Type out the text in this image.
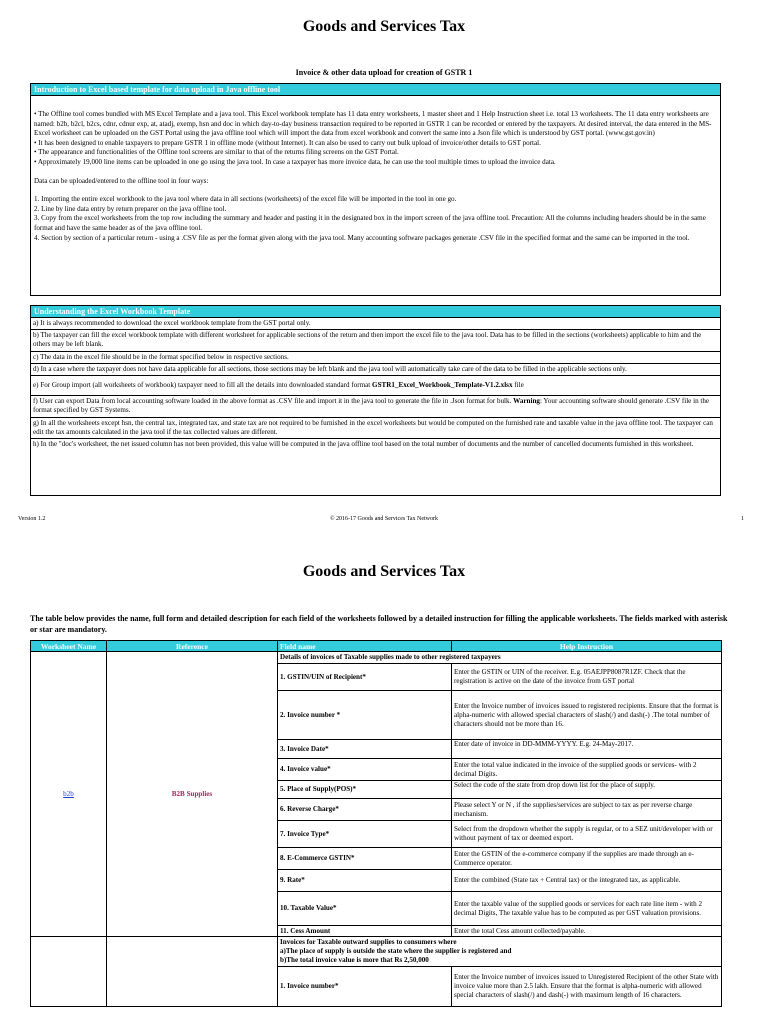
Goods and Services Tax
Invoice & other data upload for creation of GSTR 1
Introduction to Excel based template for data upload in Java offline tool

• The Offline tool comes bundled with MS Excel Template and a java tool. This Excel workbook template has 11 data entry worksheets, 1 master sheet and 1 Help Instruction sheet i.e. total 13 worksheets. The 11 data entry worksheets are named: b2b, b2cl, b2cs, cdnr, cdnur exp, at, atadj, exemp, hsn and doc in which day-to-day business transaction required to be reported in GSTR 1 can be recorded or entered by the taxpayers. At desired interval, the data entered in the MS-Excel worksheet can be uploaded on the GST Portal using the java offline tool which will import the data from excel workbook and convert the same into a Json file which is understood by GST portal. (www.gst.gov.in)

• It has been designed to enable taxpayers to prepare GSTR 1 in offline mode (without Internet). It can also be used to carry out bulk upload of invoice/other details to GST portal.

• The appearance and functionalities of the Offline tool screens are similar to that of the returns filing screens on the GST Portal.

• Approximately 19,000 line items can be uploaded in one go using the java tool. In case a taxpayer has more invoice data, he can use the tool multiple times to upload the invoice data.

Data can be uploaded/entered to the offline tool in four ways:

1. Importing the entire excel workbook to the java tool where data in all sections (worksheets) of the excel file will be imported in the tool in one go.

2. Line by line data entry by return preparer on the java offline tool.

3. Copy from the excel worksheets from the top row including the summary and header and pasting it in the designated box in the import screen of the java offline tool. Precaution: All the columns including headers should be in the same format and have the same header as of the java offline tool.

4. Section by section of a particular return - using a .CSV file as per the format given along with the java tool. Many accounting software packages generate .CSV file in the specified format and the same can be imported in the tool.

Understanding the Excel Workbook Template
a) It is always recommended to download the excel workbook template from the GST portal only.
b) The taxpayer can fill the excel workbook template with different worksheet for applicable sections of the return and then import the excel file to the java tool. Data has to be filled in the sections (worksheets) applicable to him and the others may be left blank.
c) The data in the excel file should be in the format specified below in respective sections.
d) In a case where the taxpayer does not have data applicable for all sections, those sections may be left blank and the java tool will automatically take care of the data to be filled in the applicable sections only.
e) For Group import (all worksheets of workbook) taxpayer need to fill all the details into downloaded standard format GSTR1_Excel_Workbook_Template-V1.2.xlsx file
f) User can export Data from local accounting software loaded in the above format as .CSV file and import it in the java tool to generate the file in .Json format for bulk. Warning: Your accounting software should generate .CSV file in the format specified by GST Systems.
g) In all the worksheets except hsn, the central tax, integrated tax, and state tax are not required to be furnished in the excel worksheets but would be computed on the furnished rate and taxable value in the java offline tool. The taxpayer can edit the tax amounts calculated in the java tool if the tax collected values are different.
h) In the "doc's worksheet, the net issued column has not been provided, this value will be computed in the java offline tool based on the total number of documents and the number of cancelled documents furnished in this worksheet.
© 2016-17 Goods and Services Tax Network
Version 1.2	1
Goods and Services Tax
The table below provides the name, full form and detailed description for each field of the worksheets followed by a detailed instruction for filling the applicable worksheets. The fields marked with asterisk or star are mandatory.
Worksheet Name	Reference	Field name	Help Instruction
b2b	B2B Supplies	Details of invoices of Taxable supplies made to other registered taxpayers	
		1. GSTIN/UIN of Recipient*	Enter the GSTIN or UIN of the receiver. E.g. 05AEJPP8087R1ZF. Check that the registration is active on the date of the invoice from GST portal
		2. Invoice number *	Enter the Invoice number of invoices issued to registered recipients. Ensure that the format is alpha-numeric with allowed special characters of slash(/) and dash(-) .The total number of characters should not be more than 16.
		3. Invoice Date*	Enter date of invoice in DD-MMM-YYYY. E.g. 24-May-2017.
		4. Invoice value*	Enter the total value indicated in the invoice of the supplied goods or services- with 2 decimal Digits.
		5. Place of Supply(POS)*	Select the code of the state from drop down list for the place of supply.
		6. Reverse Charge*	Please select Y or N , if the supplies/services are subject to tax as per reverse charge mechanism.
		7. Invoice Type*	Select from the dropdown whether the supply is regular, or to a SEZ unit/developer with or without payment of tax or deemed export.
		8. E-Commerce GSTIN*	Enter the GSTIN of the e-commerce company if the supplies are made through an e-Commerce operator.
		9. Rate*	Enter the combined (State tax + Central tax) or the integrated tax, as applicable.
		10. Taxable Value*	Enter the taxable value of the supplied goods or services for each rate line item - with 2 decimal Digits, The taxable value has to be computed as per GST valuation provisions.
		11. Cess Amount	Enter the total Cess amount collected/payable.

		Invoices for Taxable outward supplies to consumers where
a)The place of supply is outside the state where the supplier is registered and
b)The total invoice value is more that Rs 2,50,000	

		1. Invoice number*	Enter the Invoice number of invoices issued to Unregistered Recipient of the other State with invoice value more than 2.5 lakh. Ensure that the format is alpha-numeric with allowed special characters of slash(/) and dash(-) with maximum length of 16 characters.
